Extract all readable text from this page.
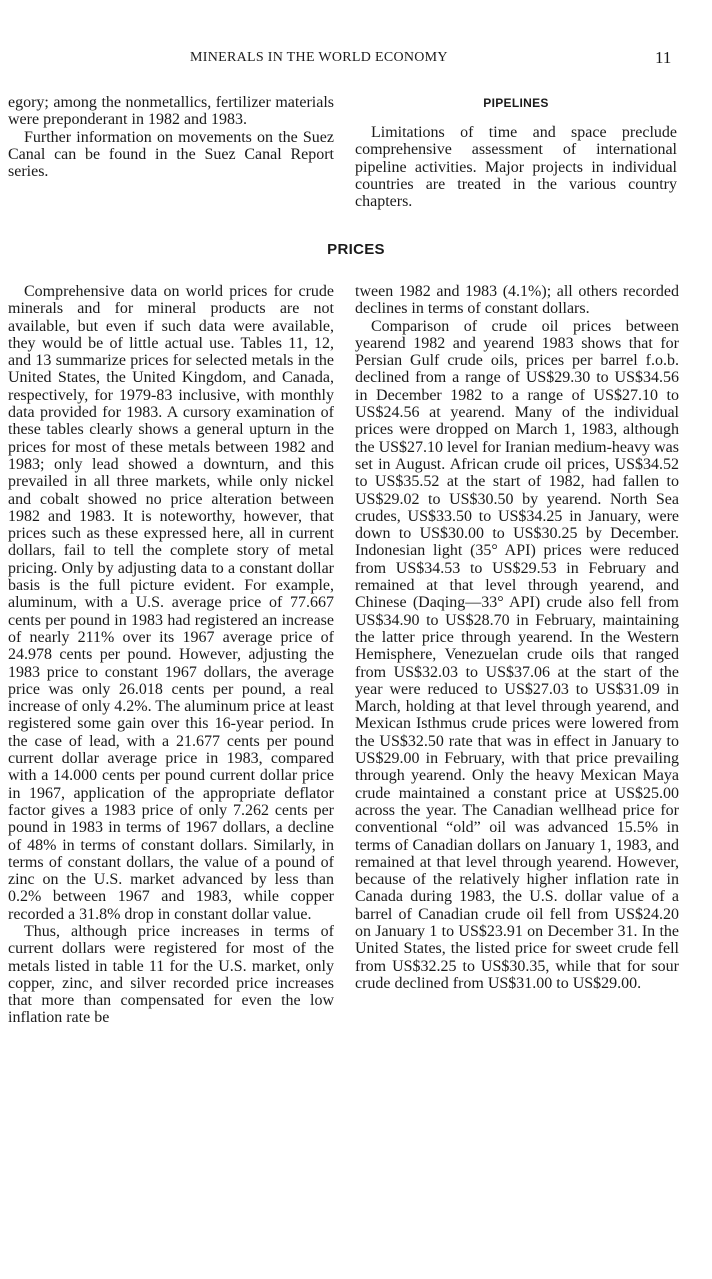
MINERALS IN THE WORLD ECONOMY	11

egory; among the nonmetallics, fertilizer materials were preponderant in 1982 and 1983.

Further information on movements on the Suez Canal can be found in the Suez Canal Report series.

PIPELINES

Limitations of time and space preclude comprehensive assessment of international pipeline activities. Major projects in individual countries are treated in the various country chapters.

PRICES

Comprehensive data on world prices for crude minerals and for mineral products are not available, but even if such data were available, they would be of little actual use. Tables 11, 12, and 13 summarize prices for selected metals in the United States, the United Kingdom, and Canada, respectively, for 1979-83 inclusive, with monthly data provided for 1983. A cursory examination of these tables clearly shows a general upturn in the prices for most of these metals between 1982 and 1983; only lead showed a downturn, and this prevailed in all three markets, while only nickel and cobalt showed no price alteration between 1982 and 1983. It is noteworthy, however, that prices such as these expressed here, all in current dollars, fail to tell the complete story of metal pricing. Only by adjusting data to a constant dollar basis is the full picture evident. For example, aluminum, with a U.S. average price of 77.667 cents per pound in 1983 had registered an increase of nearly 211% over its 1967 average price of 24.978 cents per pound. However, adjusting the 1983 price to constant 1967 dollars, the average price was only 26.018 cents per pound, a real increase of only 4.2%. The aluminum price at least registered some gain over this 16-year period. In the case of lead, with a 21.677 cents per pound current dollar average price in 1983, compared with a 14.000 cents per pound current dollar price in 1967, application of the appropriate deflator factor gives a 1983 price of only 7.262 cents per pound in 1983 in terms of 1967 dollars, a decline of 48% in terms of constant dollars. Similarly, in terms of constant dollars, the value of a pound of zinc on the U.S. market advanced by less than 0.2% between 1967 and 1983, while copper recorded a 31.8% drop in constant dollar value.

Thus, although price increases in terms of current dollars were registered for most of the metals listed in table 11 for the U.S. market, only copper, zinc, and silver recorded price increases that more than compensated for even the low inflation rate be

tween 1982 and 1983 (4.1%); all others recorded declines in terms of constant dollars.

Comparison of crude oil prices between yearend 1982 and yearend 1983 shows that for Persian Gulf crude oils, prices per barrel f.o.b. declined from a range of US$29.30 to US$34.56 in December 1982 to a range of US$27.10 to US$24.56 at yearend. Many of the individual prices were dropped on March 1, 1983, although the US$27.10 level for Iranian medium-heavy was set in August. African crude oil prices, US$34.52 to US$35.52 at the start of 1982, had fallen to US$29.02 to US$30.50 by yearend. North Sea crudes, US$33.50 to US$34.25 in January, were down to US$30.00 to US$30.25 by December. Indonesian light (35° API) prices were reduced from US$34.53 to US$29.53 in February and remained at that level through yearend, and Chinese (Daqing—33° API) crude also fell from US$34.90 to US$28.70 in February, maintaining the latter price through yearend. In the Western Hemisphere, Venezuelan crude oils that ranged from US$32.03 to US$37.06 at the start of the year were reduced to US$27.03 to US$31.09 in March, holding at that level through yearend, and Mexican Isthmus crude prices were lowered from the US$32.50 rate that was in effect in January to US$29.00 in February, with that price prevailing through yearend. Only the heavy Mexican Maya crude maintained a constant price at US$25.00 across the year. The Canadian wellhead price for conventional “old” oil was advanced 15.5% in terms of Canadian dollars on January 1, 1983, and remained at that level through yearend. However, because of the relatively higher inflation rate in Canada during 1983, the U.S. dollar value of a barrel of Canadian crude oil fell from US$24.20 on January 1 to US$23.91 on December 31. In the United States, the listed price for sweet crude fell from US$32.25 to US$30.35, while that for sour crude declined from US$31.00 to US$29.00.
